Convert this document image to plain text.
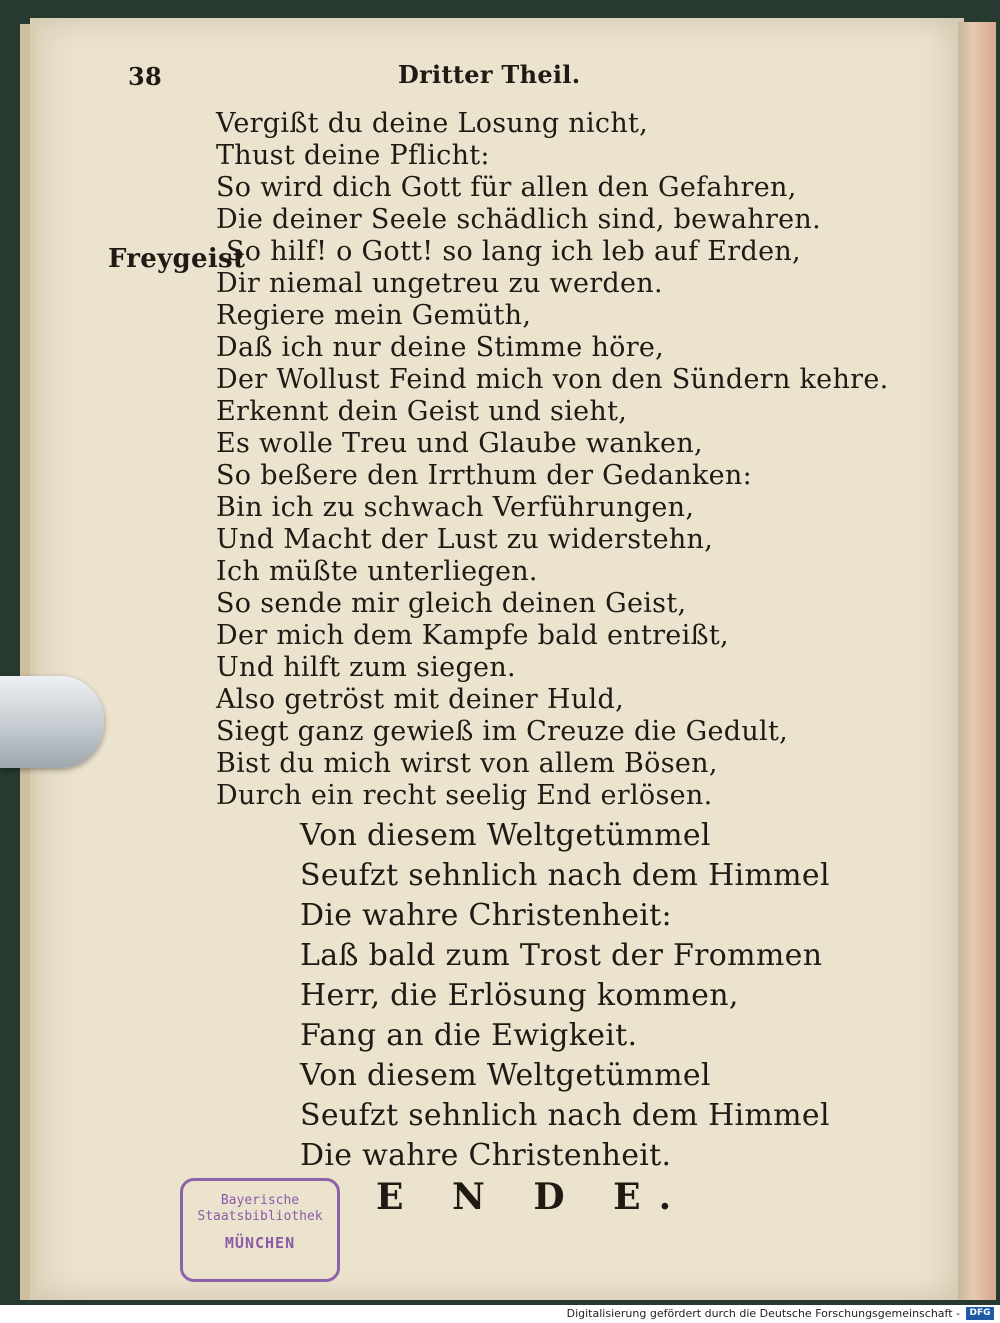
38	Dritter Theil.
Vergißt du deine Losung nicht,
Thust deine Pflicht:
So wird dich Gott für allen den Gefahren,
Die deiner Seele schädlich sind, bewahren.
Freygeist
So hilf! o Gott! so lang ich leb auf Erden,
Dir niemal ungetreu zu werden.
Regiere mein Gemüth,
Daß ich nur deine Stimme höre,
Der Wollust Feind mich von den Sündern kehre.
Erkennt dein Geist und sieht,
Es wolle Treu und Glaube wanken,
So beßere den Irrthum der Gedanken:
Bin ich zu schwach Verführungen,
Und Macht der Lust zu widerstehn,
Ich müßte unterliegen.
So sende mir gleich deinen Geist,
Der mich dem Kampfe bald entreißt,
Und hilft zum siegen.
Also getröst mit deiner Huld,
Siegt ganz gewieß im Creuze die Gedult,
Bist du mich wirst von allem Bösen,
Durch ein recht seelig End erlösen.
Von diesem Weltgetümmel
Seufzt sehnlich nach dem Himmel
Die wahre Christenheit:
Laß bald zum Trost der Frommen
Herr, die Erlösung kommen,
Fang an die Ewigkeit.
Von diesem Weltgetümmel
Seufzt sehnlich nach dem Himmel
Die wahre Christenheit.
E N D E.
Bayerische
Staatsbibliothek
MÜNCHEN
Digitalisierung gefördert durch die Deutsche Forschungsgemeinschaft -	DFG
